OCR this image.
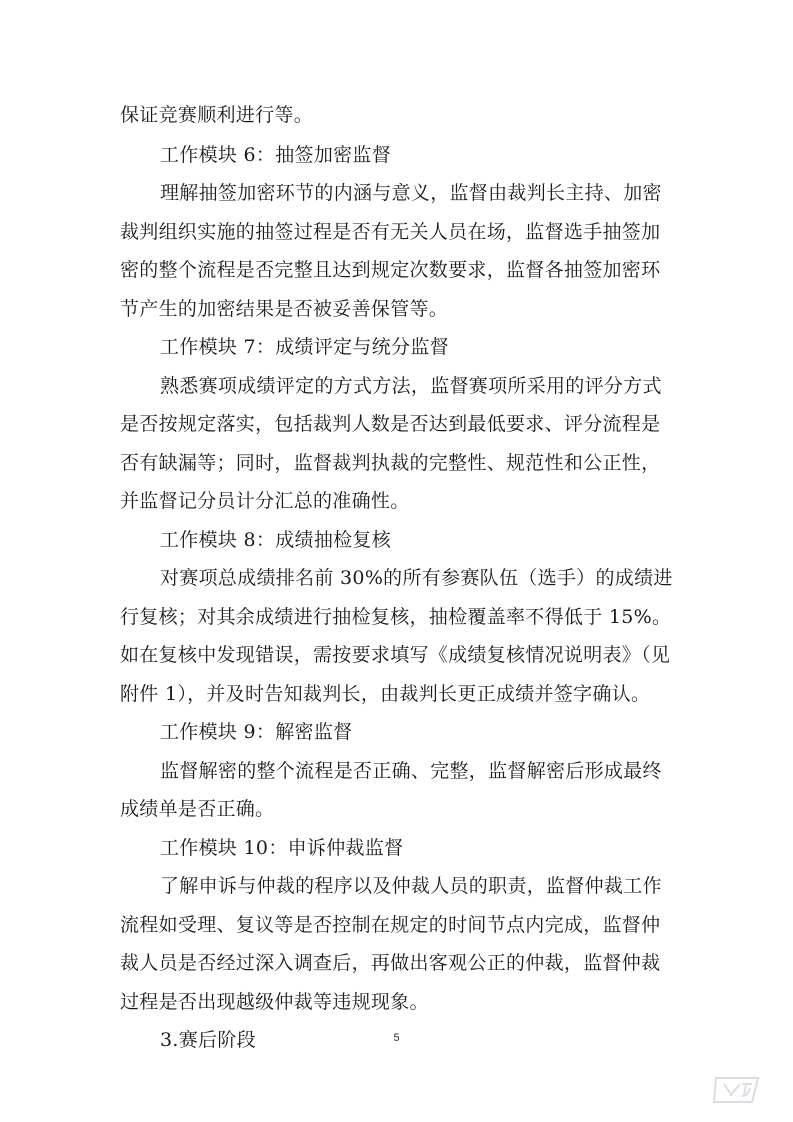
保证竞赛顺利进行等。
工作模块 6：抽签加密监督
理解抽签加密环节的内涵与意义，监督由裁判长主持、加密
裁判组织实施的抽签过程是否有无关人员在场，监督选手抽签加
密的整个流程是否完整且达到规定次数要求，监督各抽签加密环
节产生的加密结果是否被妥善保管等。
工作模块 7：成绩评定与统分监督
熟悉赛项成绩评定的方式方法，监督赛项所采用的评分方式
是否按规定落实，包括裁判人数是否达到最低要求、评分流程是
否有缺漏等；同时，监督裁判执裁的完整性、规范性和公正性，
并监督记分员计分汇总的准确性。
工作模块 8：成绩抽检复核
对赛项总成绩排名前 30%的所有参赛队伍（选手）的成绩进
行复核；对其余成绩进行抽检复核，抽检覆盖率不得低于 15%。
如在复核中发现错误，需按要求填写《成绩复核情况说明表》（见
附件 1），并及时告知裁判长，由裁判长更正成绩并签字确认。
工作模块 9：解密监督
监督解密的整个流程是否正确、完整，监督解密后形成最终
成绩单是否正确。
工作模块 10：申诉仲裁监督
了解申诉与仲裁的程序以及仲裁人员的职责，监督仲裁工作
流程如受理、复议等是否控制在规定的时间节点内完成，监督仲
裁人员是否经过深入调查后，再做出客观公正的仲裁，监督仲裁
过程是否出现越级仲裁等违规现象。
3.赛后阶段	5
